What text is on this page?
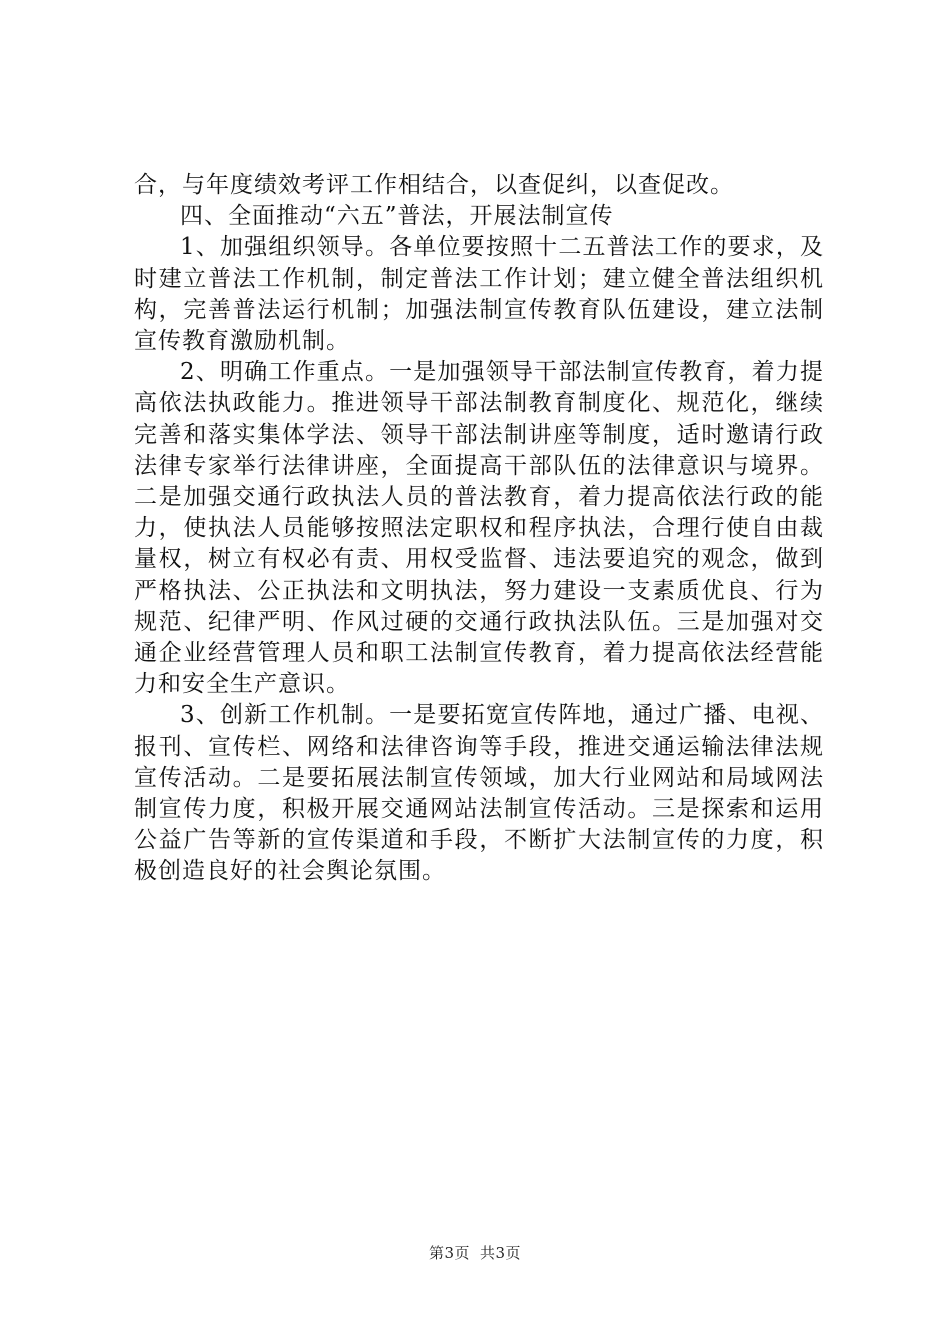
合，与年度绩效考评工作相结合，以查促纠，以查促改。

四、全面推动“六五”普法，开展法制宣传

1、加强组织领导。各单位要按照十二五普法工作的要求，及时建立普法工作机制，制定普法工作计划；建立健全普法组织机构，完善普法运行机制；加强法制宣传教育队伍建设，建立法制宣传教育激励机制。

2、明确工作重点。一是加强领导干部法制宣传教育，着力提高依法执政能力。推进领导干部法制教育制度化、规范化，继续完善和落实集体学法、领导干部法制讲座等制度，适时邀请行政法律专家举行法律讲座，全面提高干部队伍的法律意识与境界。二是加强交通行政执法人员的普法教育，着力提高依法行政的能力，使执法人员能够按照法定职权和程序执法，合理行使自由裁量权，树立有权必有责、用权受监督、违法要追究的观念，做到严格执法、公正执法和文明执法，努力建设一支素质优良、行为规范、纪律严明、作风过硬的交通行政执法队伍。三是加强对交通企业经营管理人员和职工法制宣传教育，着力提高依法经营能力和安全生产意识。

3、创新工作机制。一是要拓宽宣传阵地，通过广播、电视、报刊、宣传栏、网络和法律咨询等手段，推进交通运输法律法规宣传活动。二是要拓展法制宣传领域，加大行业网站和局域网法制宣传力度，积极开展交通网站法制宣传活动。三是探索和运用公益广告等新的宣传渠道和手段，不断扩大法制宣传的力度，积极创造良好的社会舆论氛围。

第3页 共3页
